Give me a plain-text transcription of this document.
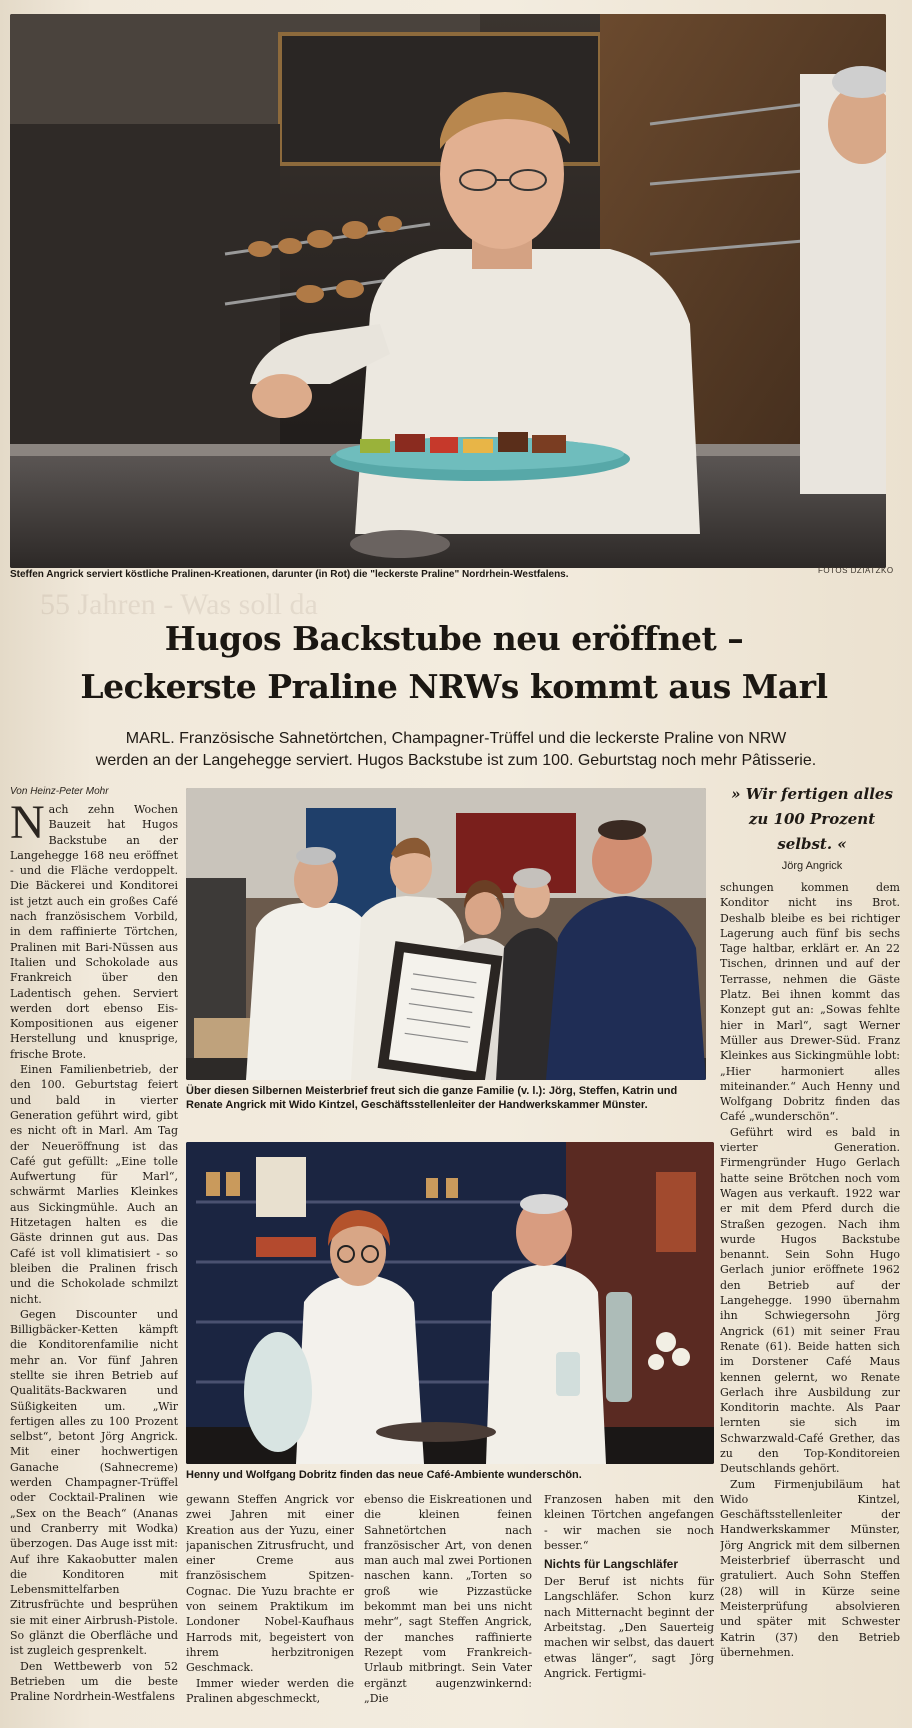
Steffen Angrick serviert köstliche Pralinen-Kreationen, darunter (in Rot) die "leckerste Praline" Nordrhein-Westfalens.	FOTOS DZIATZKO
55 Jahren - Was soll da
Hugos Backstube neu eröffnet –
Leckerste Praline NRWs kommt aus Marl
MARL. Französische Sahnetörtchen, Champagner-Trüffel und die leckerste Praline von NRW
werden an der Langehegge serviert. Hugos Backstube ist zum 100. Geburtstag noch mehr Pâtisserie.
Von Heinz-Peter Mohr

Nach zehn Wochen Bauzeit hat Hugos Backstube an der Langehegge 168 neu eröffnet - und die Fläche verdoppelt. Die Bäckerei und Konditorei ist jetzt auch ein großes Café nach französischem Vorbild, in dem raffinierte Törtchen, Pralinen mit Bari-Nüssen aus Italien und Schokolade aus Frankreich über den Ladentisch gehen. Serviert werden dort ebenso Eis-Kompositionen aus eigener Herstellung und knusprige, frische Brote.

Einen Familienbetrieb, der den 100. Geburtstag feiert und bald in vierter Generation geführt wird, gibt es nicht oft in Marl. Am Tag der Neueröffnung ist das Café gut gefüllt: „Eine tolle Aufwertung für Marl“, schwärmt Marlies Kleinkes aus Sickingmühle. Auch an Hitzetagen halten es die Gäste drinnen gut aus. Das Café ist voll klimatisiert - so bleiben die Pralinen frisch und die Schokolade schmilzt nicht.

Gegen Discounter und Billigbäcker-Ketten kämpft die Konditorenfamilie nicht mehr an. Vor fünf Jahren stellte sie ihren Betrieb auf Qualitäts-Backwaren und Süßigkeiten um. „Wir fertigen alles zu 100 Prozent selbst“, betont Jörg Angrick. Mit einer hochwertigen Ganache (Sahnecreme) werden Champagner-Trüffel oder Cocktail-Pralinen wie „Sex on the Beach“ (Ananas und Cranberry mit Wodka) überzogen. Das Auge isst mit: Auf ihre Kakaobutter malen die Konditoren mit Lebensmittelfarben Zitrusfrüchte und besprühen sie mit einer Airbrush-Pistole. So glänzt die Oberfläche und ist zugleich gesprenkelt.

Den Wettbewerb von 52 Betrieben um die beste Praline Nordrhein-Westfalens

Über diesen Silbernen Meisterbrief freut sich die ganze Familie (v. l.): Jörg, Steffen, Katrin und Renate Angrick mit Wido Kintzel, Geschäftsstellenleiter der Handwerkskammer Münster.
Henny und Wolfgang Dobritz finden das neue Café-Ambiente wunderschön.
» Wir fertigen alles zu 100 Prozent selbst. «
Jörg Angrick

schungen kommen dem Konditor nicht ins Brot. Deshalb bleibe es bei richtiger Lagerung auch fünf bis sechs Tage haltbar, erklärt er. An 22 Tischen, drinnen und auf der Terrasse, nehmen die Gäste Platz. Bei ihnen kommt das Konzept gut an: „Sowas fehlte hier in Marl“, sagt Werner Müller aus Drewer-Süd. Franz Kleinkes aus Sickingmühle lobt: „Hier harmoniert alles miteinander.“ Auch Henny und Wolfgang Dobritz finden das Café „wunderschön“.

Geführt wird es bald in vierter Generation. Firmengründer Hugo Gerlach hatte seine Brötchen noch vom Wagen aus verkauft. 1922 war er mit dem Pferd durch die Straßen gezogen. Nach ihm wurde Hugos Backstube benannt. Sein Sohn Hugo Gerlach junior eröffnete 1962 den Betrieb auf der Langehegge. 1990 übernahm ihn Schwiegersohn Jörg Angrick (61) mit seiner Frau Renate (61). Beide hatten sich im Dorstener Café Maus kennen gelernt, wo Renate Gerlach ihre Ausbildung zur Konditorin machte. Als Paar lernten sie sich im Schwarzwald-Café Grether, das zu den Top-Konditoreien Deutschlands gehört.

Zum Firmenjubiläum hat Wido Kintzel, Geschäftsstellenleiter der Handwerkskammer Münster, Jörg Angrick mit dem silbernen Meisterbrief überrascht und gratuliert. Auch Sohn Steffen (28) will in Kürze seine Meisterprüfung absolvieren und später mit Schwester Katrin (37) den Betrieb übernehmen.

gewann Steffen Angrick vor zwei Jahren mit einer Kreation aus der Yuzu, einer japanischen Zitrusfrucht, und einer Creme aus französischem Spitzen-Cognac. Die Yuzu brachte er von seinem Praktikum im Londoner Nobel-Kaufhaus Harrods mit, begeistert von ihrem herbzitronigen Geschmack.

Immer wieder werden die Pralinen abgeschmeckt,

ebenso die Eiskreationen und die kleinen feinen Sahnetörtchen nach französischer Art, von denen man auch mal zwei Portionen naschen kann. „Torten so groß wie Pizzastücke bekommt man bei uns nicht mehr“, sagt Steffen Angrick, der manches raffinierte Rezept vom Frankreich-Urlaub mitbringt. Sein Vater ergänzt augenzwinkernd: „Die

Franzosen haben mit den kleinen Törtchen angefangen - wir machen sie noch besser.“

Nichts für Langschläfer

Der Beruf ist nichts für Langschläfer. Schon kurz nach Mitternacht beginnt der Arbeitstag. „Den Sauerteig machen wir selbst, das dauert etwas länger“, sagt Jörg Angrick. Fertigmi-
